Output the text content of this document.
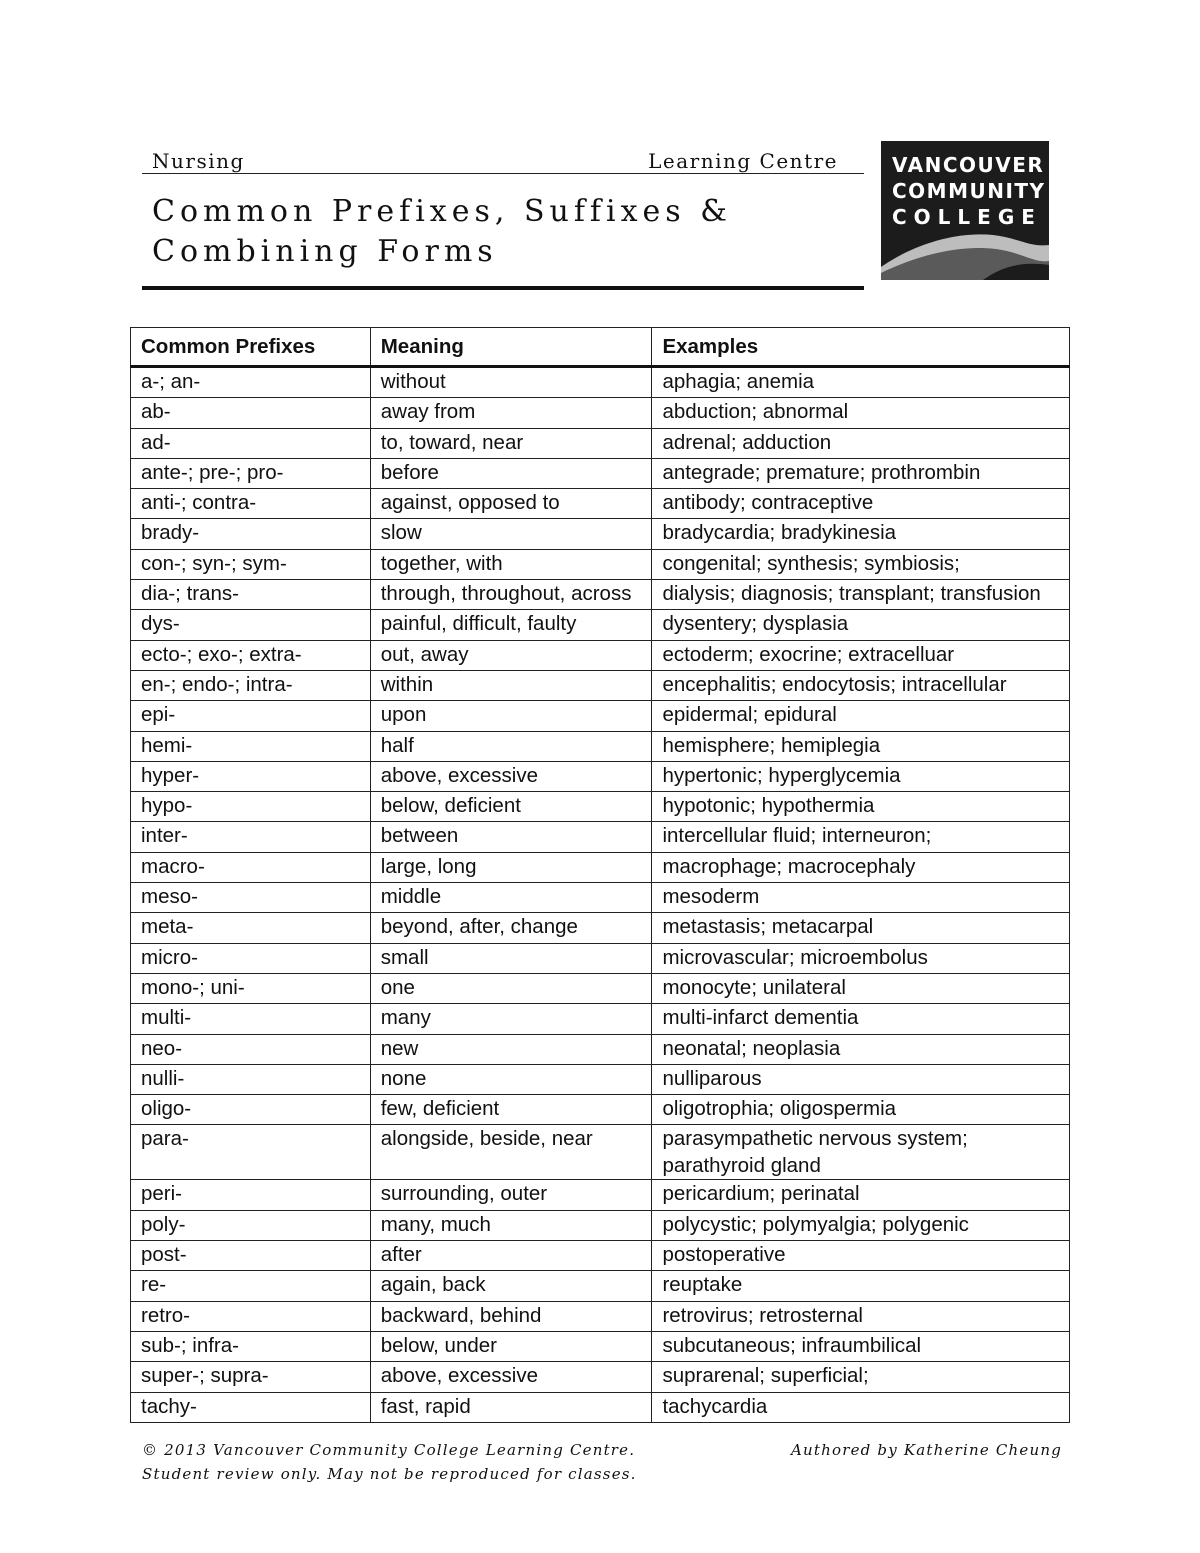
Nursing	Learning Centre
Common Prefixes, Suffixes &
Combining Forms
VANCOUVER
COMMUNITY
COLLEGE
Common Prefixes	Meaning	Examples
a-; an-	without	aphagia; anemia
ab-	away from	abduction; abnormal
ad-	to, toward, near	adrenal; adduction
ante-; pre-; pro-	before	antegrade; premature; prothrombin
anti-; contra-	against, opposed to	antibody; contraceptive
brady-	slow	bradycardia; bradykinesia
con-; syn-; sym-	together, with	congenital; synthesis; symbiosis;
dia-; trans-	through, throughout, across	dialysis; diagnosis; transplant; transfusion
dys-	painful, difficult, faulty	dysentery; dysplasia
ecto-; exo-; extra-	out, away	ectoderm; exocrine; extracelluar
en-; endo-; intra-	within	encephalitis; endocytosis; intracellular
epi-	upon	epidermal; epidural
hemi-	half	hemisphere; hemiplegia
hyper-	above, excessive	hypertonic; hyperglycemia
hypo-	below, deficient	hypotonic; hypothermia
inter-	between	intercellular fluid; interneuron;
macro-	large, long	macrophage; macrocephaly
meso-	middle	mesoderm
meta-	beyond, after, change	metastasis; metacarpal
micro-	small	microvascular; microembolus
mono-; uni-	one	monocyte; unilateral
multi-	many	multi-infarct dementia
neo-	new	neonatal; neoplasia
nulli-	none	nulliparous
oligo-	few, deficient	oligotrophia; oligospermia
para-	alongside, beside, near	parasympathetic nervous system; parathyroid gland
peri-	surrounding, outer	pericardium; perinatal
poly-	many, much	polycystic; polymyalgia; polygenic
post-	after	postoperative
re-	again, back	reuptake
retro-	backward, behind	retrovirus; retrosternal
sub-; infra-	below, under	subcutaneous; infraumbilical
super-; supra-	above, excessive	suprarenal; superficial;
tachy-	fast, rapid	tachycardia
© 2013 Vancouver Community College Learning Centre.
Student review only. May not be reproduced for classes.
Authored by Katherine Cheung
